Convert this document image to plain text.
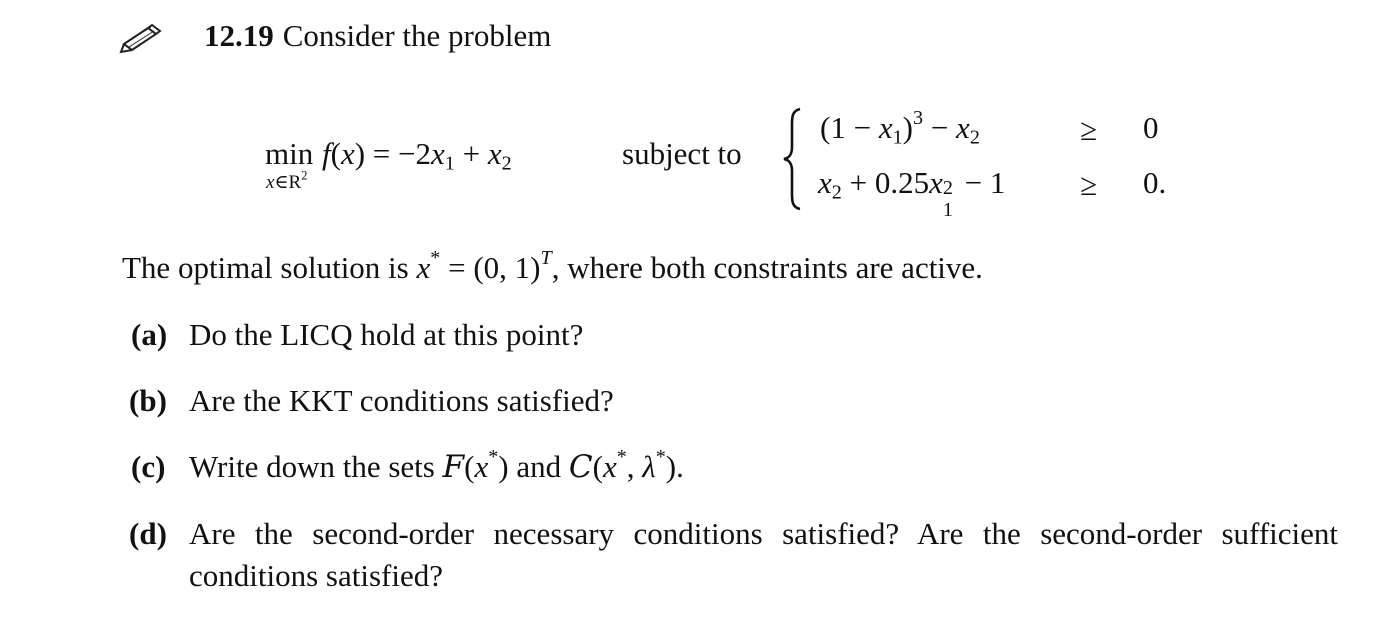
12.19 Consider the problem
min
$x\in R^2$
$f(x) = -2x_1 + x_2$	subject to
$(1 - x_1)^3 - x_2$	≥ 0
$x_2 + 0.25x$ 2
1
− 1 ≥ 0.
The optimal solution is x* = (0, 1)$^T$, where both constraints are active.
(a) Do the LICQ hold at this point?
(b) Are the KKT conditions satisfied?
(c) Write down the sets F(x*) and C(x*, λ*).
(d) Are the second-order necessary conditions satisfied? Are the second-order sufficient
conditions satisfied?
